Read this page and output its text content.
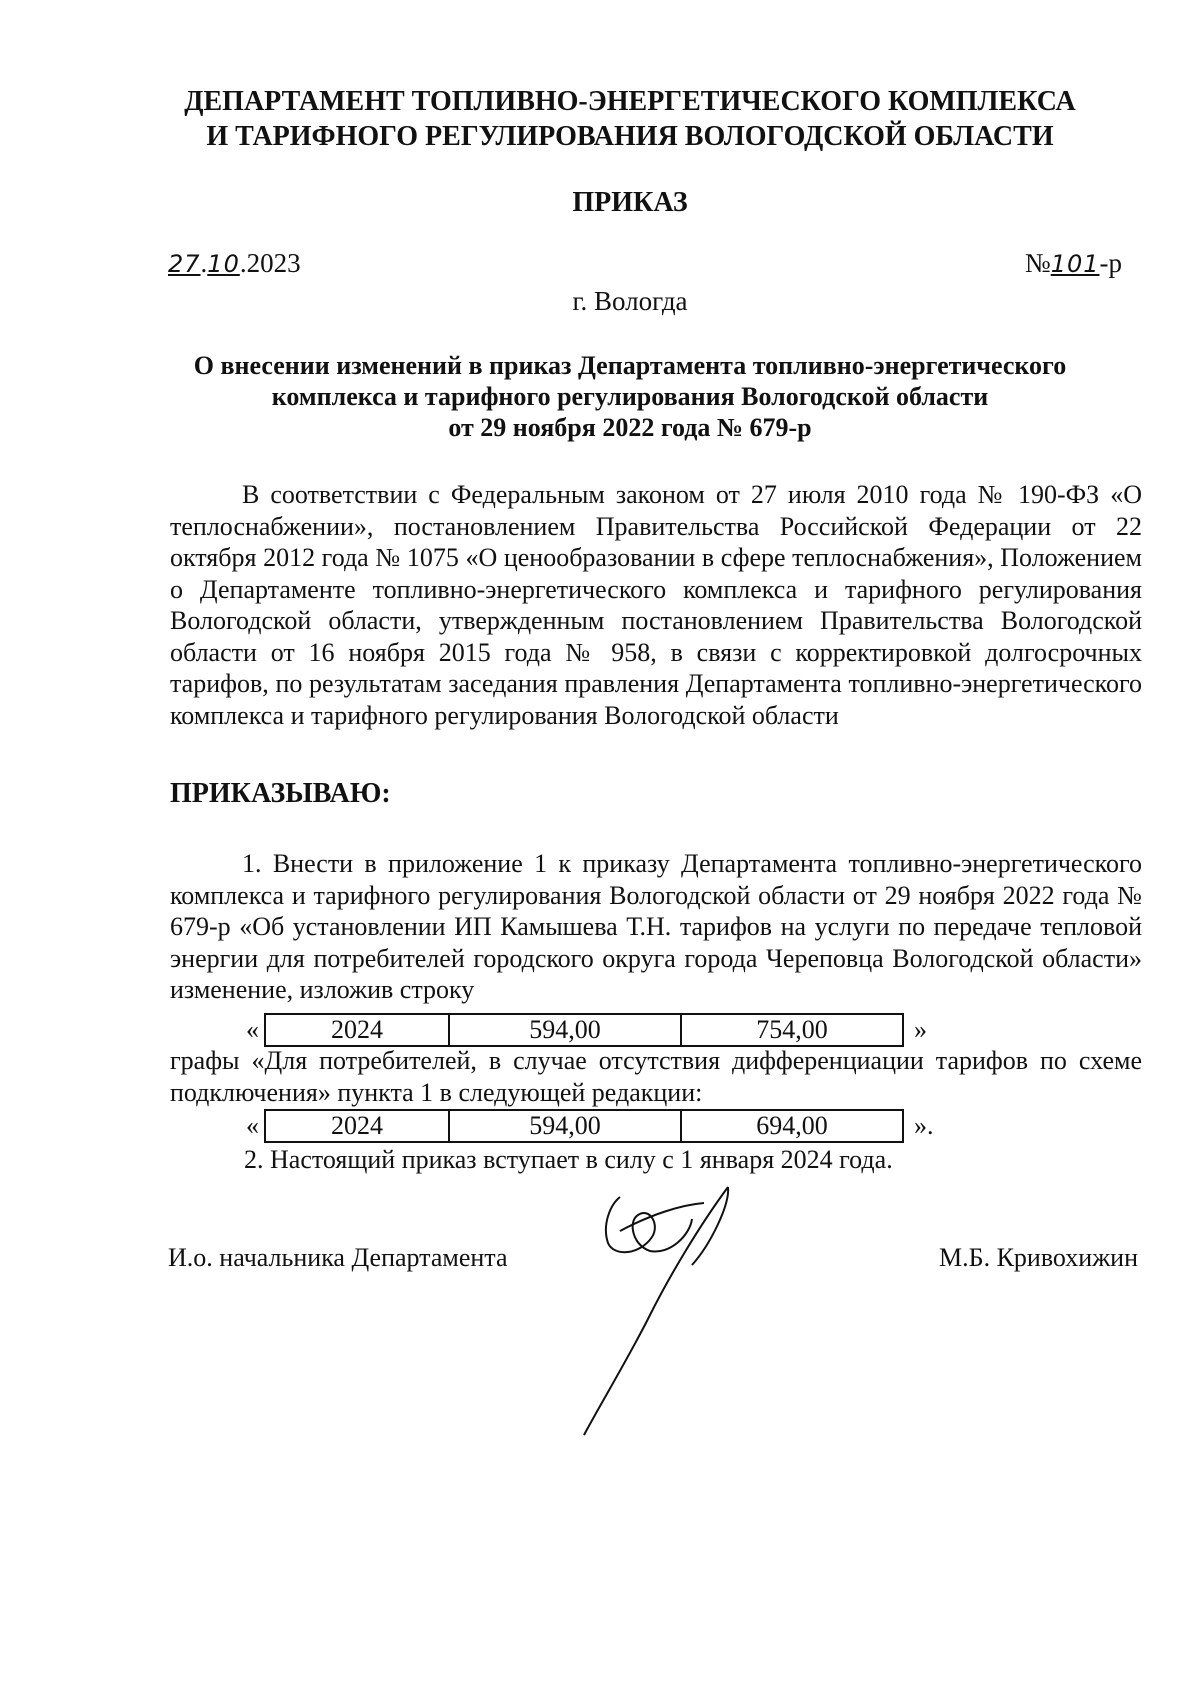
ДЕПАРТАМЕНТ ТОПЛИВНО-ЭНЕРГЕТИЧЕСКОГО КОМПЛЕКСА
И ТАРИФНОГО РЕГУЛИРОВАНИЯ ВОЛОГОДСКОЙ ОБЛАСТИ
ПРИКАЗ
27.10.2023	№101-р
г. Вологда
О внесении изменений в приказ Департамента топливно-энергетического
комплекса и тарифного регулирования Вологодской области
от 29 ноября 2022 года № 679-р
В соответствии с Федеральным законом от 27 июля 2010 года № 190-ФЗ «О теплоснабжении», постановлением Правительства Российской Федерации от 22 октября 2012 года № 1075 «О ценообразовании в сфере теплоснабжения», Положением о Департаменте топливно-энергетического комплекса и тарифного регулирования Вологодской области, утвержденным постановлением Правительства Вологодской области от 16 ноября 2015 года № 958, в связи с корректировкой долгосрочных тарифов, по результатам заседания правления Департамента топливно-энергетического комплекса и тарифного регулирования Вологодской области
ПРИКАЗЫВАЮ:
1. Внести в приложение 1 к приказу Департамента топливно-энергетического комплекса и тарифного регулирования Вологодской области от 29 ноября 2022 года № 679-р «Об установлении ИП Камышева Т.Н. тарифов на услуги по передаче тепловой энергии для потребителей городского округа города Череповца Вологодской области» изменение, изложив строку
«	2024	594,00	754,00	»
графы «Для потребителей, в случае отсутствия дифференциации тарифов по схеме подключения» пункта 1 в следующей редакции:
«	2024	594,00	694,00	».
2. Настоящий приказ вступает в силу с 1 января 2024 года.
И.о. начальника Департамента	М.Б. Кривохижин
